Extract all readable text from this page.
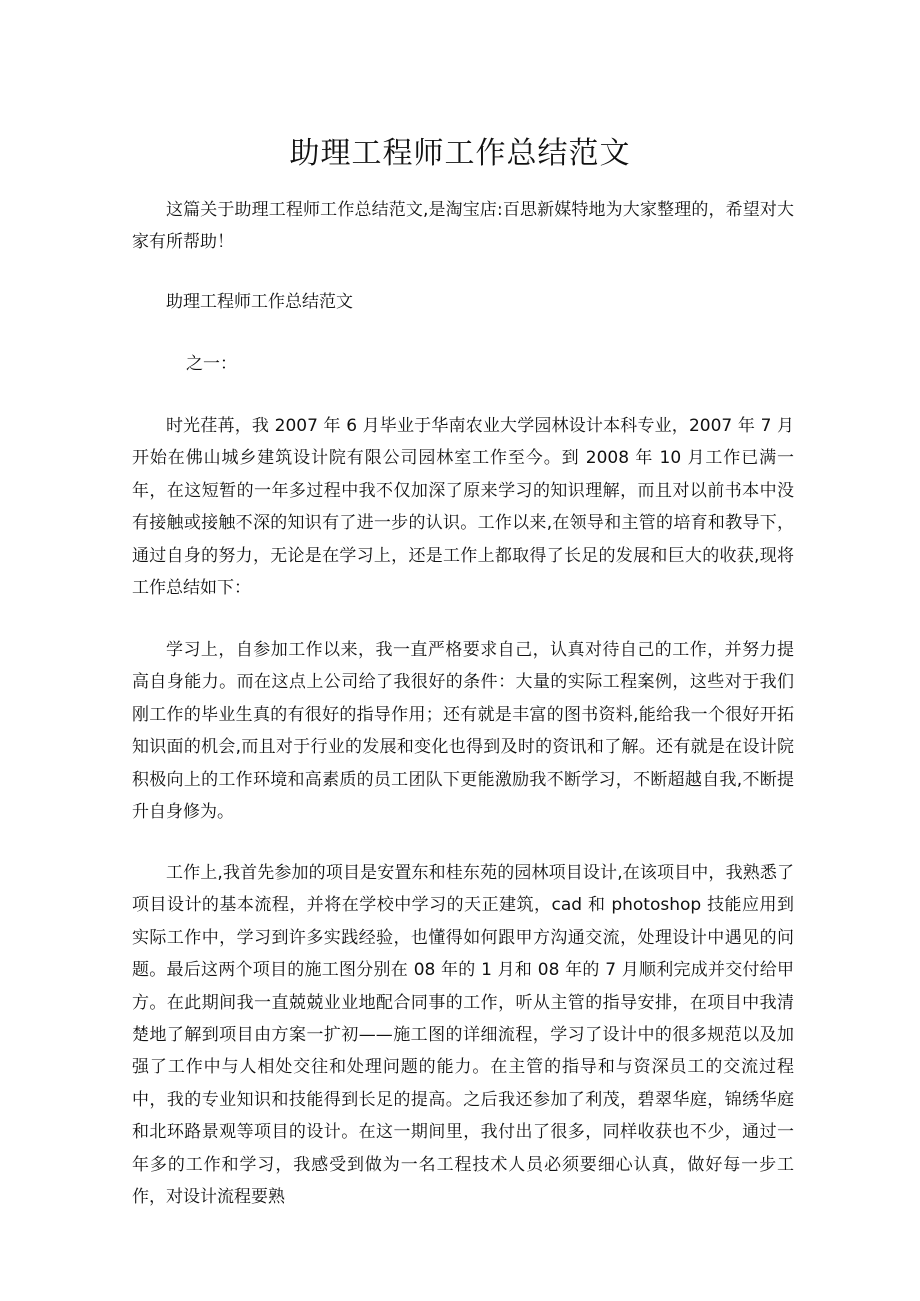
助理工程师工作总结范文
这篇关于助理工程师工作总结范文,是淘宝店:百思新媒特地为大家整理的，希望对大家有所帮助！
助理工程师工作总结范文
之一：
时光荏苒，我 2007 年 6 月毕业于华南农业大学园林设计本科专业，2007 年 7 月开始在佛山城乡建筑设计院有限公司园林室工作至今。到 2008 年 10 月工作已满一年，在这短暂的一年多过程中我不仅加深了原来学习的知识理解，而且对以前书本中没有接触或接触不深的知识有了进一步的认识。工作以来,在领导和主管的培育和教导下，通过自身的努力，无论是在学习上，还是工作上都取得了长足的发展和巨大的收获,现将工作总结如下：
学习上，自参加工作以来，我一直严格要求自己，认真对待自己的工作，并努力提高自身能力。而在这点上公司给了我很好的条件：大量的实际工程案例，这些对于我们刚工作的毕业生真的有很好的指导作用；还有就是丰富的图书资料,能给我一个很好开拓知识面的机会,而且对于行业的发展和变化也得到及时的资讯和了解。还有就是在设计院积极向上的工作环境和高素质的员工团队下更能激励我不断学习，不断超越自我,不断提升自身修为。
工作上,我首先参加的项目是安置东和桂东苑的园林项目设计,在该项目中，我熟悉了项目设计的基本流程，并将在学校中学习的天正建筑，cad 和 photoshop 技能应用到实际工作中，学习到许多实践经验，也懂得如何跟甲方沟通交流，处理设计中遇见的问题。最后这两个项目的施工图分别在 08 年的 1 月和 08 年的 7 月顺利完成并交付给甲方。在此期间我一直兢兢业业地配合同事的工作，听从主管的指导安排，在项目中我清楚地了解到项目由方案一扩初——施工图的详细流程，学习了设计中的很多规范以及加强了工作中与人相处交往和处理问题的能力。在主管的指导和与资深员工的交流过程中，我的专业知识和技能得到长足的提高。之后我还参加了利茂，碧翠华庭，锦绣华庭和北环路景观等项目的设计。在这一期间里，我付出了很多，同样收获也不少，通过一年多的工作和学习，我感受到做为一名工程技术人员必须要细心认真，做好每一步工作，对设计流程要熟
